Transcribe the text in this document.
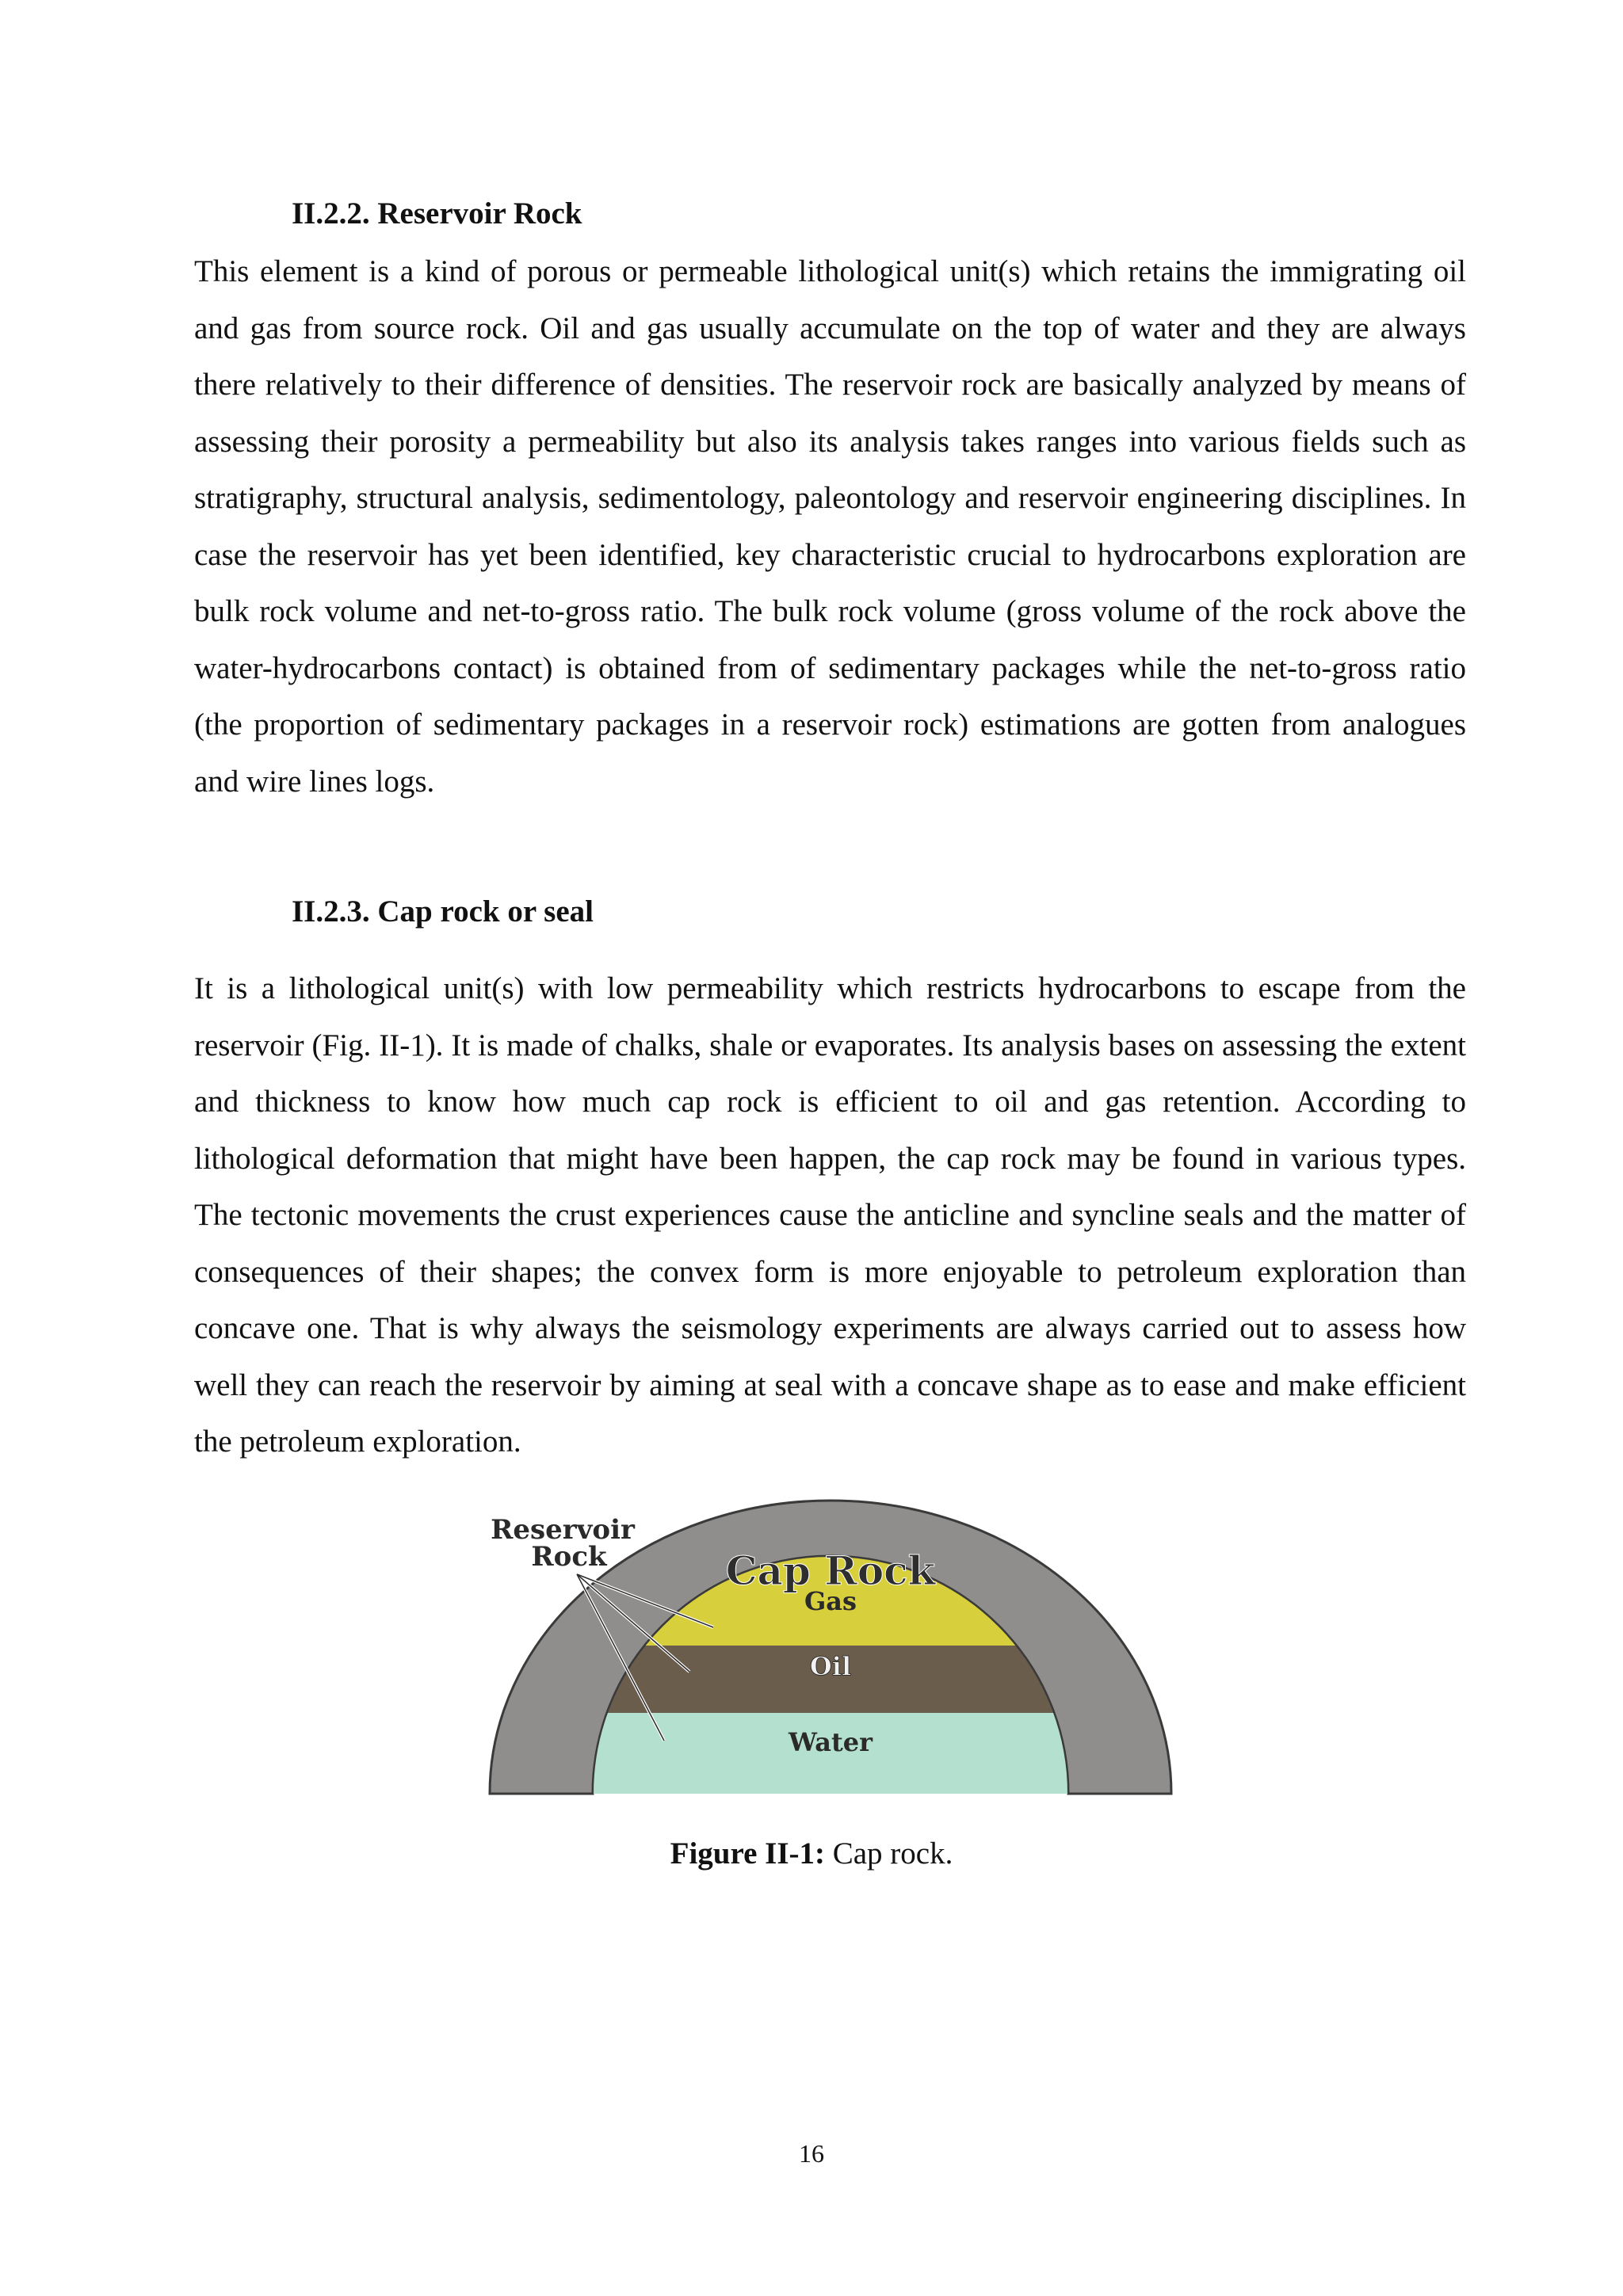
II.2.2. Reservoir Rock

This element is a kind of porous or permeable lithological unit(s) which retains the immigrating oil and gas from source rock. Oil and gas usually accumulate on the top of water and they are always there relatively to their difference of densities. The reservoir rock are basically analyzed by means of assessing their porosity a permeability but also its analysis takes ranges into various fields such as stratigraphy, structural analysis, sedimentology, paleontology and reservoir engineering disciplines. In case the reservoir has yet been identified, key characteristic crucial to hydrocarbons exploration are bulk rock volume and net-to-gross ratio. The bulk rock volume (gross volume of the rock above the water-hydrocarbons contact) is obtained from of sedimentary packages while the net-to-gross ratio (the proportion of sedimentary packages in a reservoir rock) estimations are gotten from analogues and wire lines logs.

II.2.3. Cap rock or seal

It is a lithological unit(s) with low permeability which restricts hydrocarbons to escape from the reservoir (Fig. II-1). It is made of chalks, shale or evaporates. Its analysis bases on assessing the extent and thickness to know how much cap rock is efficient to oil and gas retention. According to lithological deformation that might have been happen, the cap rock may be found in various types. The tectonic movements the crust experiences cause the anticline and syncline seals and the matter of consequences of their shapes; the convex form is more enjoyable to petroleum exploration than concave one. That is why always the seismology experiments are always carried out to assess how well they can reach the reservoir by aiming at seal with a concave shape as to ease and make efficient the petroleum exploration.

Reservoir
Rock	Cap Rock
Gas
Oil
Water

Figure II-1: Cap rock.

16
